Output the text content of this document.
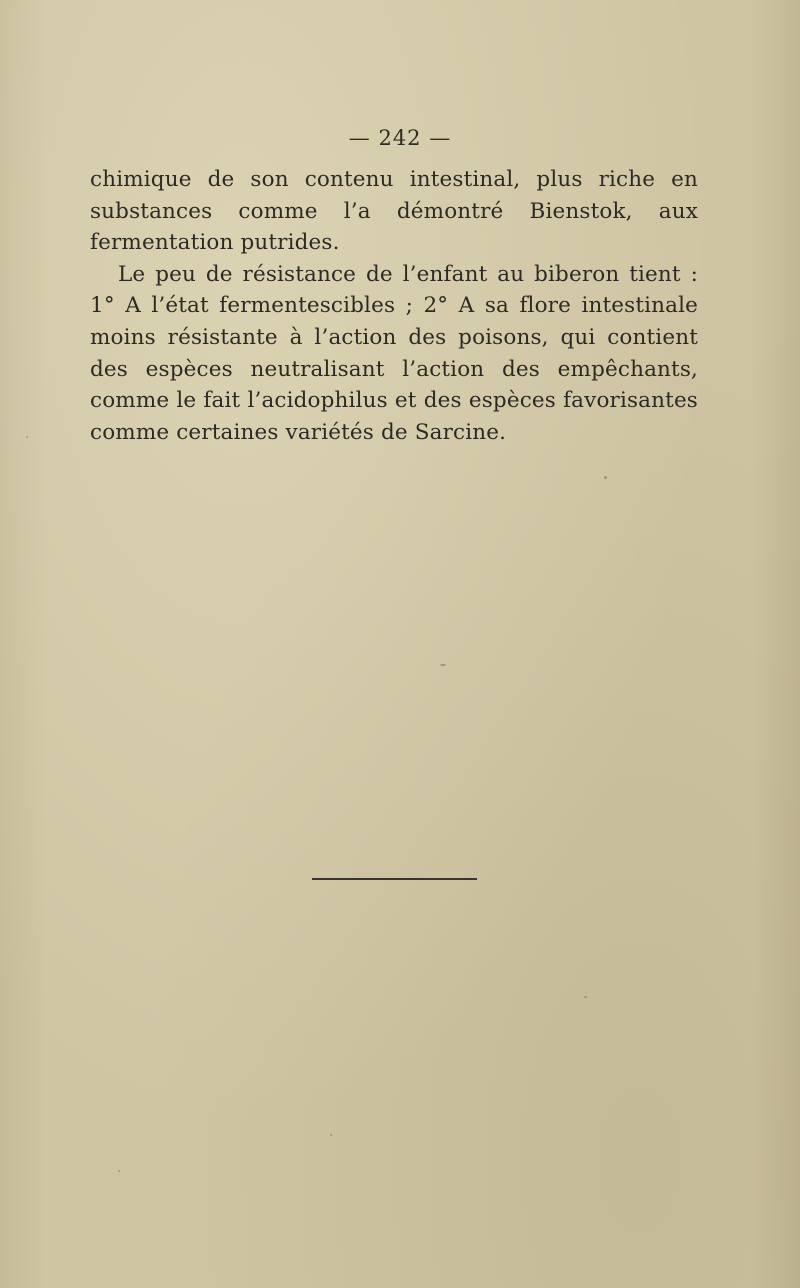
— 242 —

chimique de son contenu intestinal, plus riche en substances comme l’a démontré Bienstok, aux fermentation putrides.

Le peu de résistance de l’enfant au biberon tient : 1° A l’état fermentescibles ; 2° A sa flore intestinale moins résistante à l’action des poisons, qui contient des espèces neutralisant l’action des empêchants, comme le fait l’acidophilus et des espèces favorisantes comme certaines variétés de Sarcine.
